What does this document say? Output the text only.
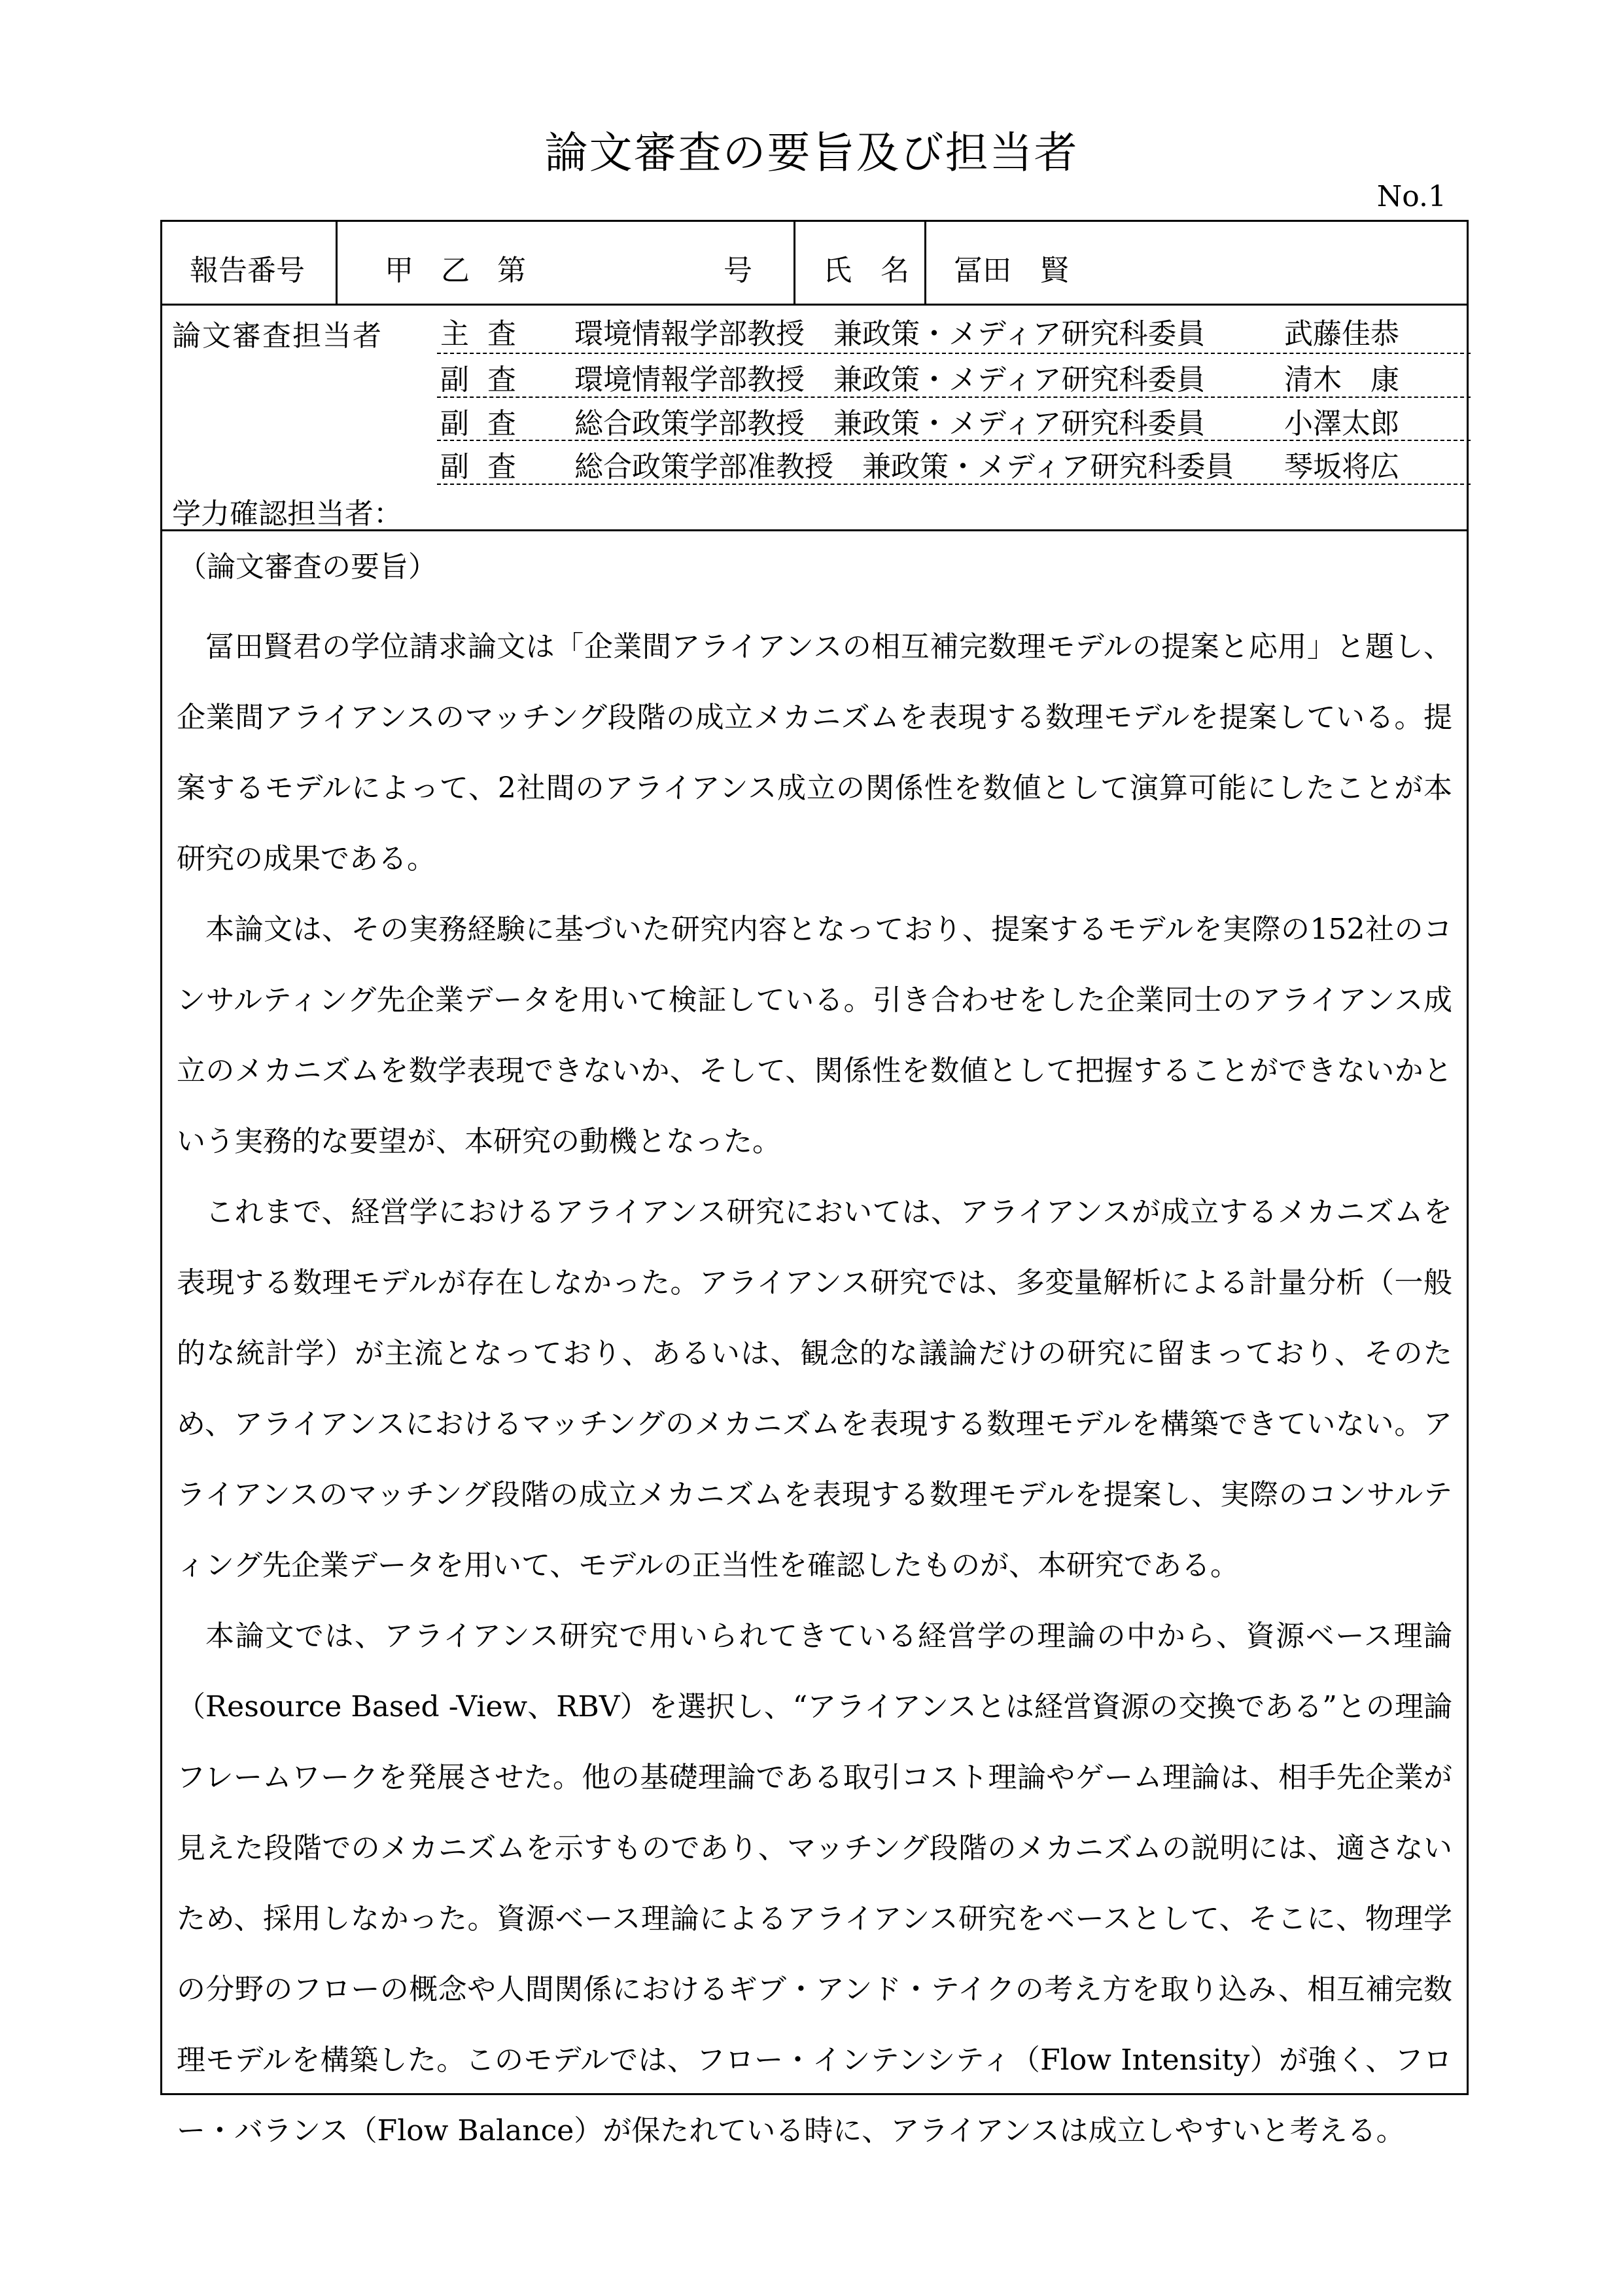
論文審査の要旨及び担当者
No.1
報告番号	甲 乙 第 　　　　 号 氏　名 冨田　賢
論文審査担当者 主査	環境情報学部教授　兼政策・メディア研究科委員	武藤佳恭
副査	環境情報学部教授　兼政策・メディア研究科委員	清木　康
副査	総合政策学部教授　兼政策・メディア研究科委員	小澤太郎
副査	総合政策学部准教授　兼政策・メディア研究科委員 琴坂将広
学力確認担当者：
（論文審査の要旨）

冨田賢君の学位請求論文は「企業間アライアンスの相互補完数理モデルの提案と応用」と題し、企業間アライアンスのマッチング段階の成立メカニズムを表現する数理モデルを提案している。提案するモデルによって、2社間のアライアンス成立の関係性を数値として演算可能にしたことが本研究の成果である。

本論文は、その実務経験に基づいた研究内容となっており、提案するモデルを実際の152社のコンサルティング先企業データを用いて検証している。引き合わせをした企業同士のアライアンス成立のメカニズムを数学表現できないか、そして、関係性を数値として把握することができないかという実務的な要望が、本研究の動機となった。

これまで、経営学におけるアライアンス研究においては、アライアンスが成立するメカニズムを表現する数理モデルが存在しなかった。アライアンス研究では、多変量解析による計量分析（一般的な統計学）が主流となっており、あるいは、観念的な議論だけの研究に留まっており、そのため、アライアンスにおけるマッチングのメカニズムを表現する数理モデルを構築できていない。アライアンスのマッチング段階の成立メカニズムを表現する数理モデルを提案し、実際のコンサルティング先企業データを用いて、モデルの正当性を確認したものが、本研究である。

本論文では、アライアンス研究で用いられてきている経営学の理論の中から、資源ベース理論（Resource Based -View、RBV）を選択し、“アライアンスとは経営資源の交換である”との理論フレームワークを発展させた。他の基礎理論である取引コスト理論やゲーム理論は、相手先企業が見えた段階でのメカニズムを示すものであり、マッチング段階のメカニズムの説明には、適さないため、採用しなかった。資源ベース理論によるアライアンス研究をベースとして、そこに、物理学の分野のフローの概念や人間関係におけるギブ・アンド・テイクの考え方を取り込み、相互補完数理モデルを構築した。このモデルでは、フロー・インテンシティ（Flow Intensity）が強く、フロー・バランス（Flow Balance）が保たれている時に、アライアンスは成立しやすいと考える。
